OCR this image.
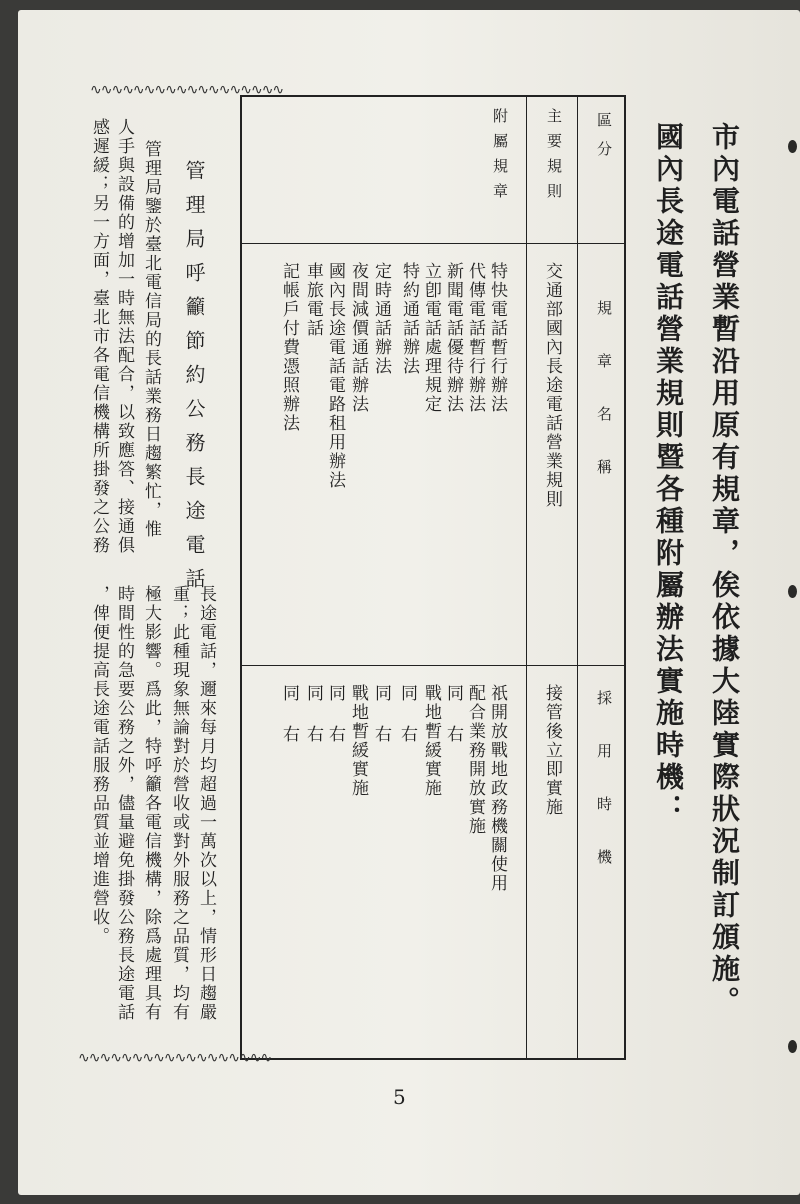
市內電話營業暫沿用原有規章，俟依據大陸實際狀況制訂頒施。
國內長途電話營業規則暨各種附屬辦法實施時機：
區分
規章名稱
採用時機
主要規則
附屬規章
交通部國內長途電話營業規則
接管後立即實施
特快電話暫行辦法
代傳電話暫行辦法
新聞電話優待辦法
立卽電話處理規定
特約通話辦法
定時通話辦法
夜間減價通話辦法
國內長途電話電路租用辦法
車旅電話
記帳戶付費憑照辦法
祇開放戰地政務機關使用
配合業務開放實施
同右
戰地暫緩實施
同右
同右
戰地暫緩實施
同右
同右
同右
∿∿∿∿∿∿∿∿∿∿∿∿∿∿∿∿∿∿
∿∿∿∿∿∿∿∿∿∿∿∿∿∿∿∿∿∿
管理局呼籲節約公務長途電話
管理局鑒於臺北電信局的長話業務日趨繁忙，惟
人手與設備的增加一時無法配合，以致應答、接通俱
感遲緩；另一方面，臺北市各電信機構所掛發之公務
長途電話，邇來每月均超過一萬次以上，情形日趨嚴
重；此種現象無論對於營收或對外服務之品質，均有
極大影響。爲此，特呼籲各電信機構，除爲處理具有
時間性的急要公務之外，儘量避免掛發公務長途電話
，俾便提高長途電話服務品質並增進營收。
5
